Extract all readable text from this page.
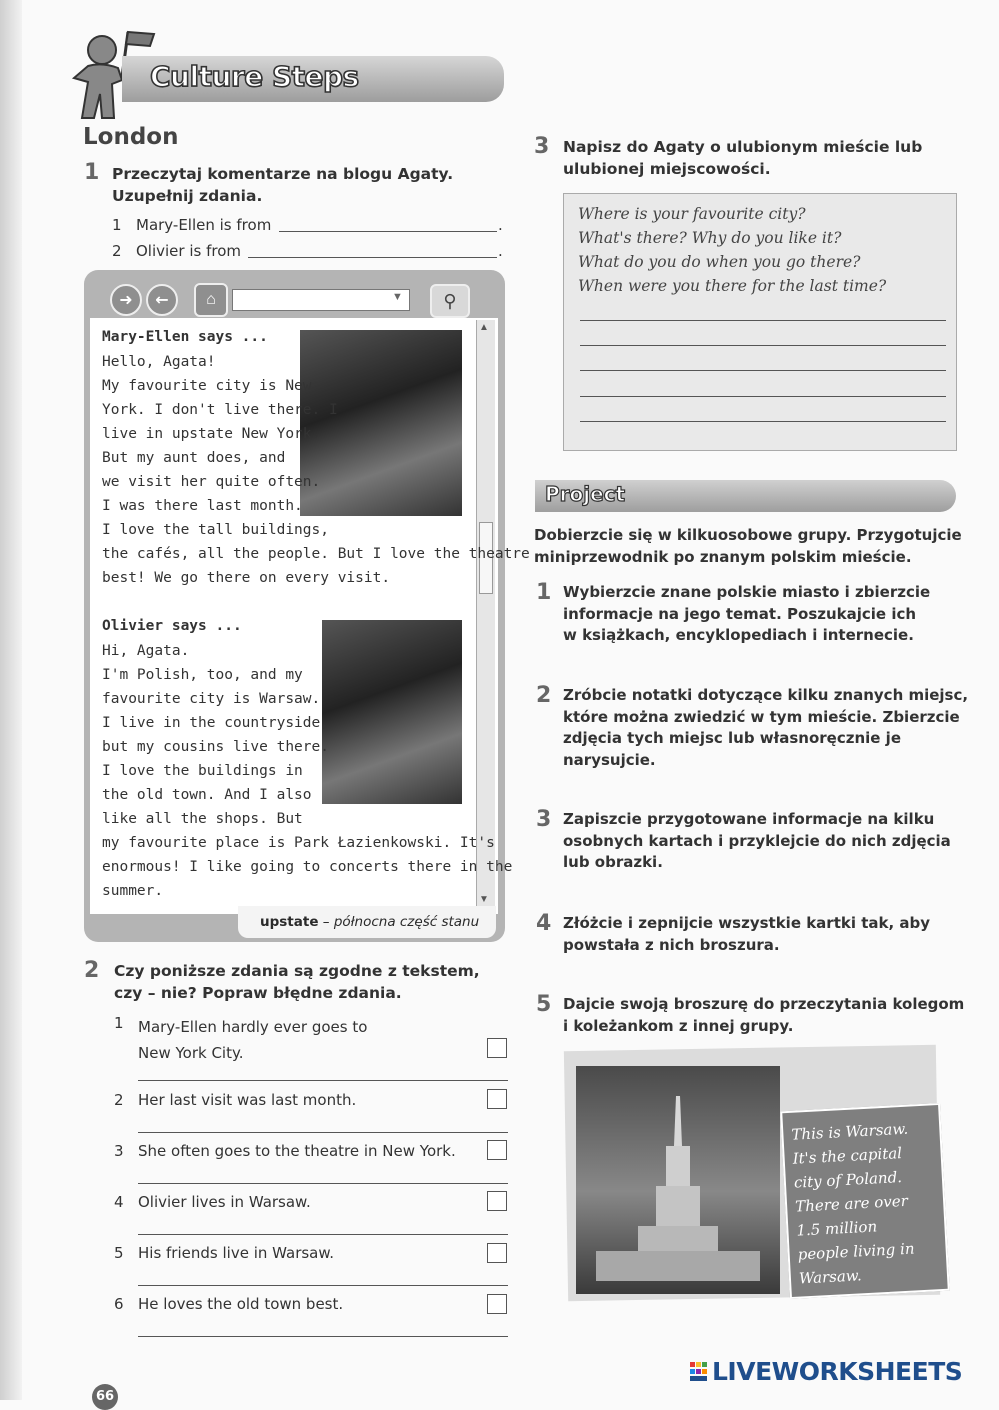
Culture Steps
London
1 Przeczytaj komentarze na blogu Agaty.
Uzupełnij zdania.
1 Mary-Ellen is from	.
2 Olivier is from	.
➜	←	⌂	▼	⚲
▲
▼
Mary-Ellen says ...
Hello, Agata!
My favourite city is New
York. I don't live there. I
live in upstate New York.
But my aunt does, and
we visit her quite often.
I was there last month.
I love the tall buildings,
the cafés, all the people. But I love the theatre
best! We go there on every visit.
Olivier says ...
Hi, Agata.
I'm Polish, too, and my
favourite city is Warsaw.
I live in the countryside,
but my cousins live there.
I love the buildings in
the old town. And I also
like all the shops. But
my favourite place is Park Łazienkowski. It's
enormous! I like going to concerts there in the
summer.
upstate – północna część stanu
2 Czy poniższe zdania są zgodne z tekstem,
czy – nie? Popraw błędne zdania.
1 Mary-Ellen hardly ever goes to
New York City.
2 Her last visit was last month.
3 She often goes to the theatre in New York.
4 Olivier lives in Warsaw.
5 His friends live in Warsaw.
6 He loves the old town best.
3 Napisz do Agaty o ulubionym mieście lub
ulubionej miejscowości.
Where is your favourite city?
What's there? Why do you like it?
What do you do when you go there?
When were you there for the last time?
Project
Dobierzcie się w kilkuosobowe grupy. Przygotujcie
miniprzewodnik po znanym polskim mieście.
1 Wybierzcie znane polskie miasto i zbierzcie
informacje na jego temat. Poszukajcie ich
w książkach, encyklopediach i internecie.
2 Zróbcie notatki dotyczące kilku znanych miejsc,
które można zwiedzić w tym mieście. Zbierzcie
zdjęcia tych miejsc lub własnoręcznie je
narysujcie.
3 Zapiszcie przygotowane informacje na kilku
osobnych kartach i przyklejcie do nich zdjęcia
lub obrazki.
4 Złóżcie i zepnijcie wszystkie kartki tak, aby
powstała z nich broszura.
5 Dajcie swoją broszurę do przeczytania kolegom
i koleżankom z innej grupy.
This is Warsaw.
It's the capital
city of Poland.
There are over
1.5 million
people living in
Warsaw.
66
LIVEWORKSHEETS
